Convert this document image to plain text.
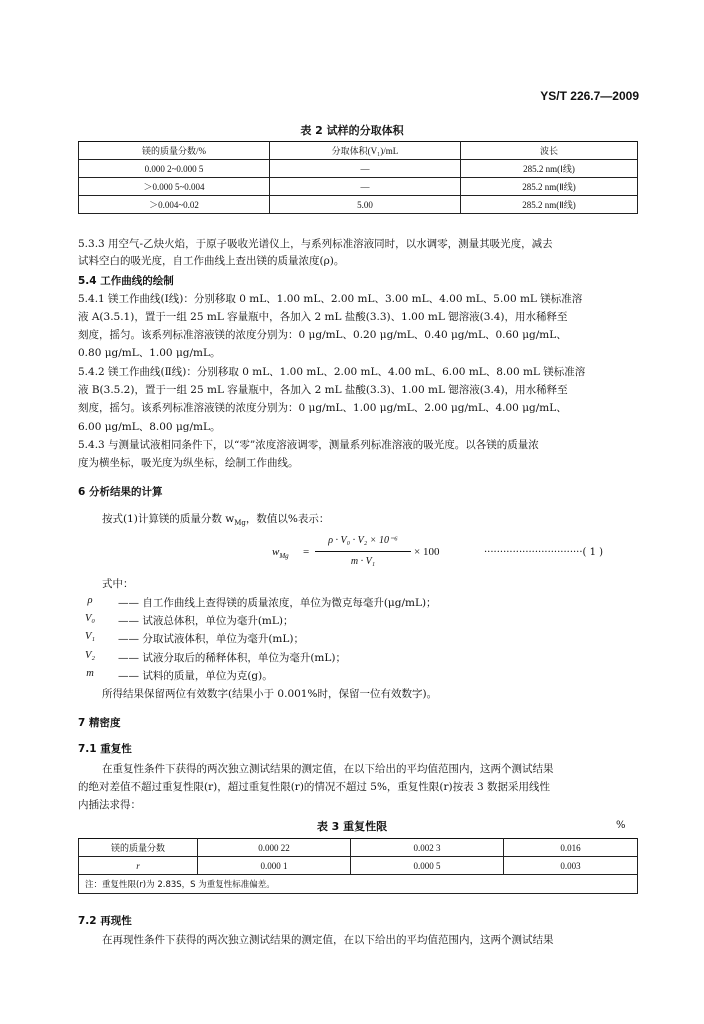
YS/T 226.7—2009
表 2 试样的分取体积
镁的质量分数/%	分取体积(V₁)/mL	波长
0.000 2~0.000 5	—	285.2 nm(Ⅰ线)
＞0.000 5~0.004	—	285.2 nm(Ⅱ线)
＞0.004~0.02	5.00	285.2 nm(Ⅱ线)
5.3.3 用空气-乙炔火焰，于原子吸收光谱仪上，与系列标准溶液同时，以水调零，测量其吸光度，减去
试料空白的吸光度，自工作曲线上查出镁的质量浓度(ρ)。
5.4 工作曲线的绘制
5.4.1 镁工作曲线(Ⅰ线)：分别移取 0 mL、1.00 mL、2.00 mL、3.00 mL、4.00 mL、5.00 mL 镁标准溶
液 A(3.5.1)，置于一组 25 mL 容量瓶中，各加入 2 mL 盐酸(3.3)、1.00 mL 锶溶液(3.4)，用水稀释至
刻度，摇匀。该系列标准溶液镁的浓度分别为：0 μg/mL、0.20 μg/mL、0.40 μg/mL、0.60 μg/mL、
0.80 μg/mL、1.00 μg/mL。
5.4.2 镁工作曲线(Ⅱ线)：分别移取 0 mL、1.00 mL、2.00 mL、4.00 mL、6.00 mL、8.00 mL 镁标准溶
液 B(3.5.2)，置于一组 25 mL 容量瓶中，各加入 2 mL 盐酸(3.3)、1.00 mL 锶溶液(3.4)，用水稀释至
刻度，摇匀。该系列标准溶液镁的浓度分别为：0 μg/mL、1.00 μg/mL、2.00 μg/mL、4.00 μg/mL、
6.00 μg/mL、8.00 μg/mL。
5.4.3 与测量试液相同条件下，以“零”浓度溶液调零，测量系列标准溶液的吸光度。以各镁的质量浓
度为横坐标，吸光度为纵坐标，绘制工作曲线。
6 分析结果的计算
按式(1)计算镁的质量分数 $w_{Mg}$，数值以%表示：
$w_{Mg}$ =
ρ · V₀ · V₂ × 10⁻⁶
m · V₁
× 100	·······························( 1 )
式中：
ρ	—— 自工作曲线上查得镁的质量浓度，单位为微克每毫升(μg/mL)；
V₀	—— 试液总体积，单位为毫升(mL)；
V₁	—— 分取试液体积，单位为毫升(mL)；
V₂	—— 试液分取后的稀释体积，单位为毫升(mL)；
m	—— 试料的质量，单位为克(g)。
所得结果保留两位有效数字(结果小于 0.001%时，保留一位有效数字)。
7 精密度
7.1 重复性
在重复性条件下获得的两次独立测试结果的测定值，在以下给出的平均值范围内，这两个测试结果
的绝对差值不超过重复性限(r)，超过重复性限(r)的情况不超过 5%，重复性限(r)按表 3 数据采用线性
内插法求得：
表 3 重复性限	%
镁的质量分数	0.000 22	0.002 3	0.016
r	0.000 1	0.000 5	0.003
注：重复性限(r)为 2.83S，S 为重复性标准偏差。			
7.2 再现性
在再现性条件下获得的两次独立测试结果的测定值，在以下给出的平均值范围内，这两个测试结果
